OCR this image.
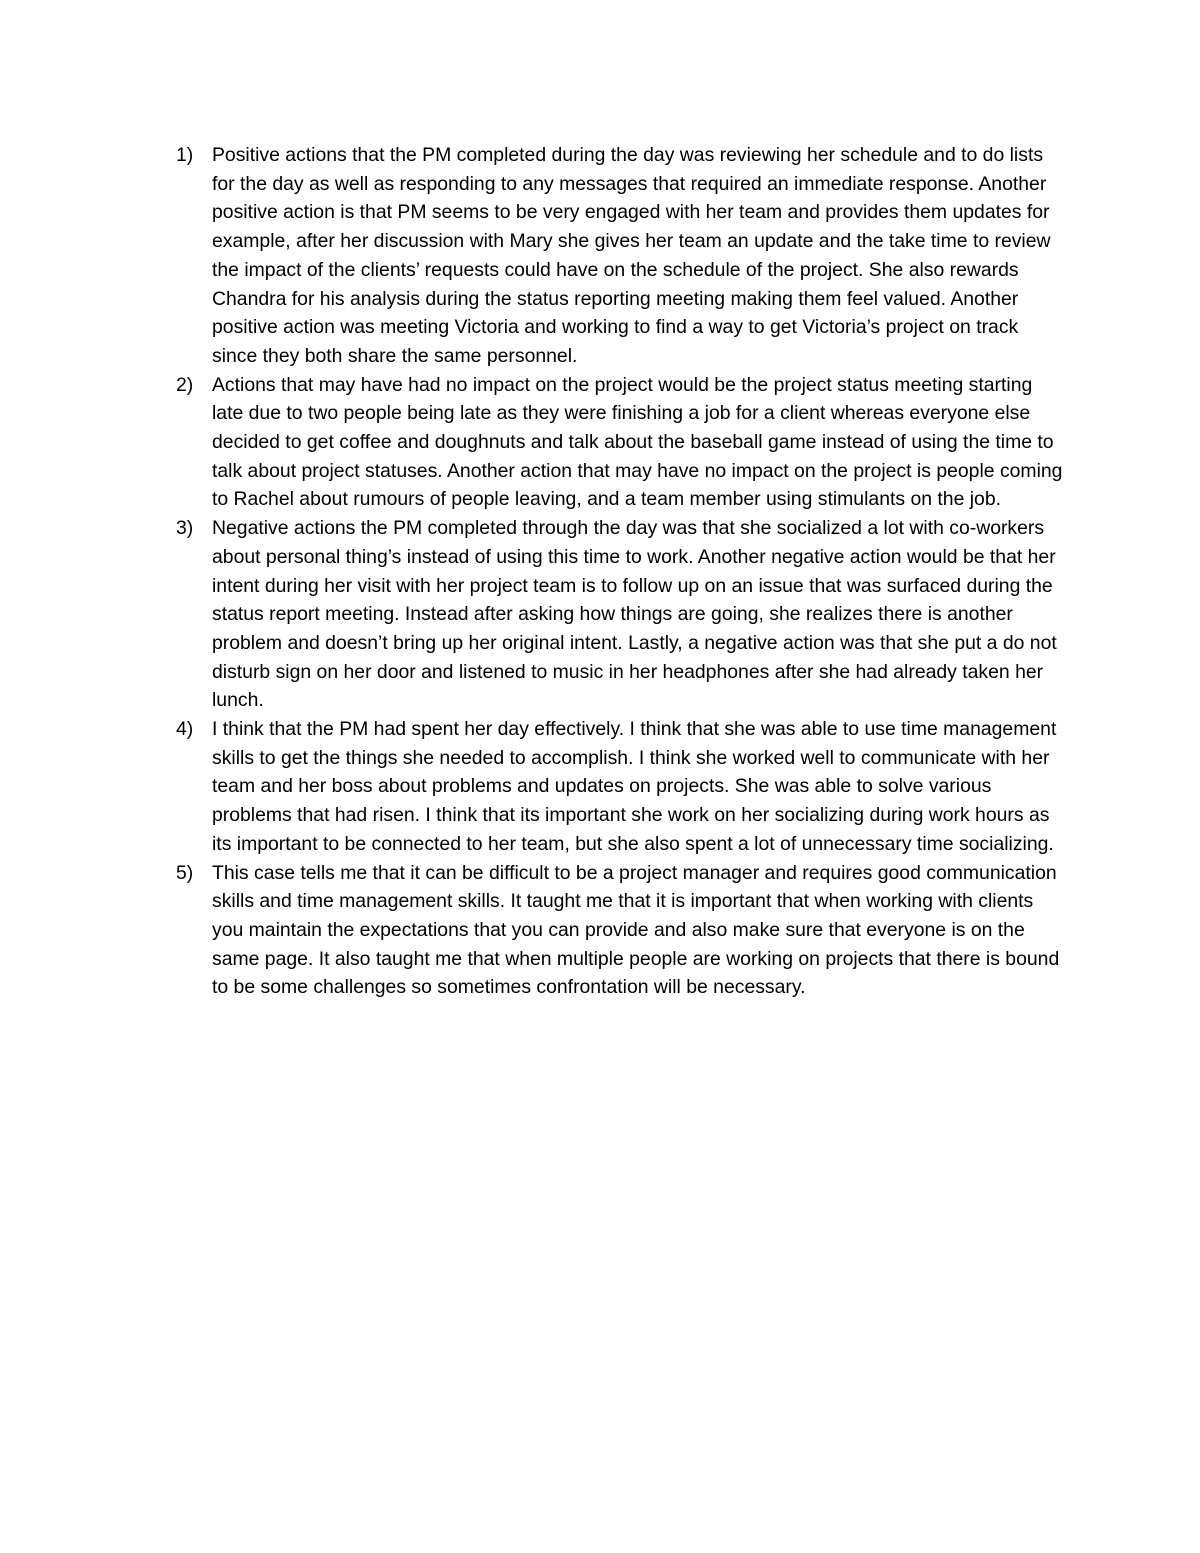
1) Positive actions that the PM completed during the day was reviewing her schedule and to do lists for the day as well as responding to any messages that required an immediate response. Another positive action is that PM seems to be very engaged with her team and provides them updates for example, after her discussion with Mary she gives her team an update and the take time to review the impact of the clients’ requests could have on the schedule of the project. She also rewards Chandra for his analysis during the status reporting meeting making them feel valued. Another positive action was meeting Victoria and working to find a way to get Victoria’s project on track since they both share the same personnel.
2) Actions that may have had no impact on the project would be the project status meeting starting late due to two people being late as they were finishing a job for a client whereas everyone else decided to get coffee and doughnuts and talk about the baseball game instead of using the time to talk about project statuses. Another action that may have no impact on the project is people coming to Rachel about rumours of people leaving, and a team member using stimulants on the job.
3) Negative actions the PM completed through the day was that she socialized a lot with co-workers about personal thing’s instead of using this time to work. Another negative action would be that her intent during her visit with her project team is to follow up on an issue that was surfaced during the status report meeting. Instead after asking how things are going, she realizes there is another problem and doesn’t bring up her original intent. Lastly, a negative action was that she put a do not disturb sign on her door and listened to music in her headphones after she had already taken her lunch.
4) I think that the PM had spent her day effectively. I think that she was able to use time management skills to get the things she needed to accomplish. I think she worked well to communicate with her team and her boss about problems and updates on projects. She was able to solve various problems that had risen. I think that its important she work on her socializing during work hours as its important to be connected to her team, but she also spent a lot of unnecessary time socializing.
5) This case tells me that it can be difficult to be a project manager and requires good communication skills and time management skills. It taught me that it is important that when working with clients you maintain the expectations that you can provide and also make sure that everyone is on the same page. It also taught me that when multiple people are working on projects that there is bound to be some challenges so sometimes confrontation will be necessary.
